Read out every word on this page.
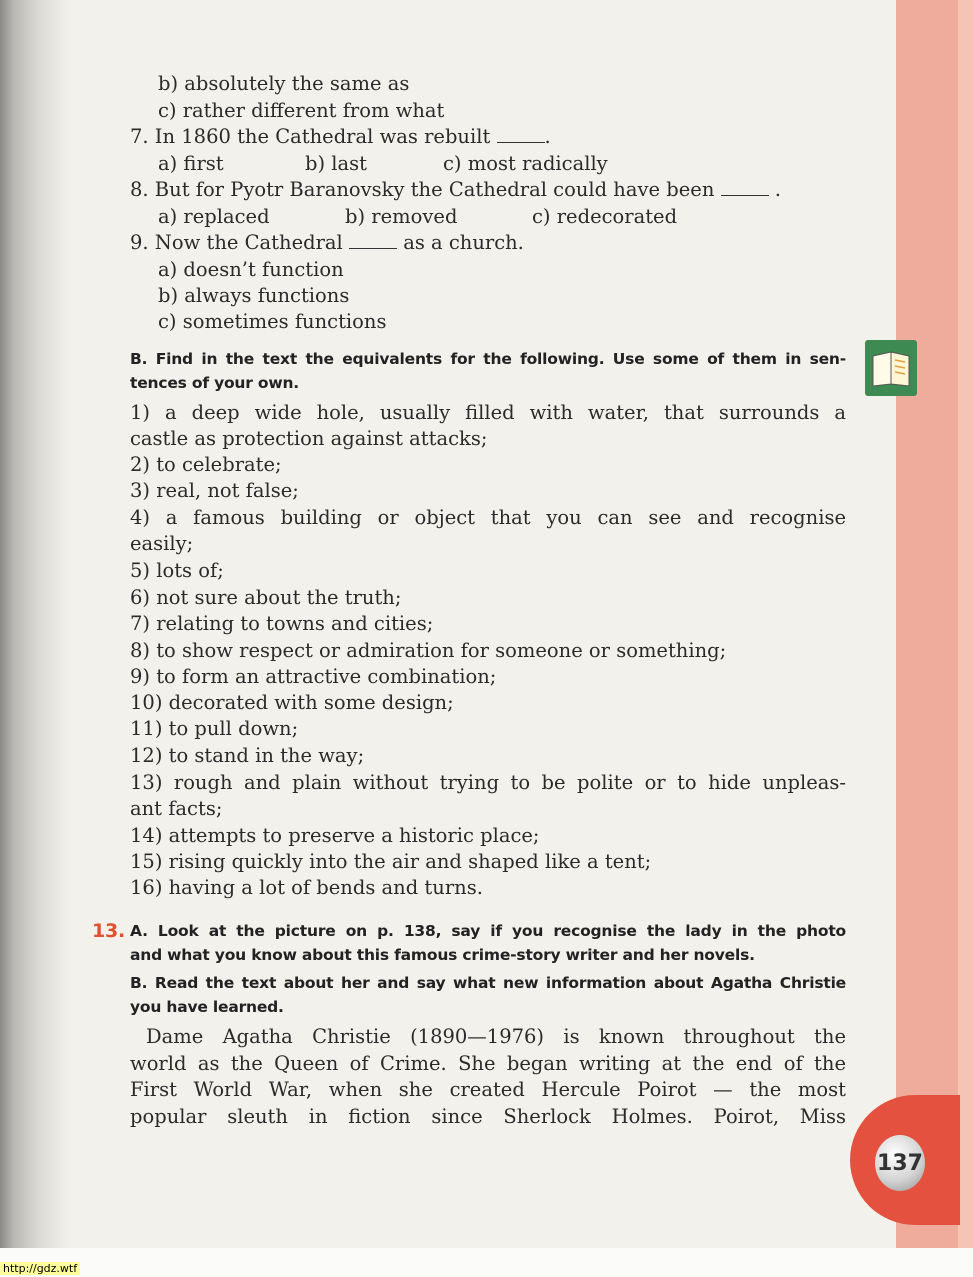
b) absolutely the same as
c) rather different from what
7. In 1860 the Cathedral was rebuilt	.
a) first	b) last	c) most radically
8. But for Pyotr Baranovsky the Cathedral could have been	.
a) replaced	b) removed	c) redecorated
9. Now the Cathedral	as a church.
a) doesn’t function
b) always functions
c) sometimes functions
B. Find in the text the equivalents for the following. Use some of them in sen-
tences of your own.
1) a deep wide hole, usually filled with water, that surrounds a
castle as protection against attacks;
2) to celebrate;
3) real, not false;
4) a famous building or object that you can see and recognise
easily;
5) lots of;
6) not sure about the truth;
7) relating to towns and cities;
8) to show respect or admiration for someone or something;
9) to form an attractive combination;
10) decorated with some design;
11) to pull down;
12) to stand in the way;
13) rough and plain without trying to be polite or to hide unpleas-
ant facts;
14) attempts to preserve a historic place;
15) rising quickly into the air and shaped like a tent;
16) having a lot of bends and turns.
13. A. Look at the picture on p. 138, say if you recognise the lady in the photo
and what you know about this famous crime-story writer and her novels.
B. Read the text about her and say what new information about Agatha Christie
you have learned.
Dame Agatha Christie (1890—1976) is known throughout the
world as the Queen of Crime. She began writing at the end of the
First World War, when she created Hercule Poirot — the most
popular sleuth in fiction since Sherlock Holmes. Poirot, Miss
137
http://gdz.wtf
